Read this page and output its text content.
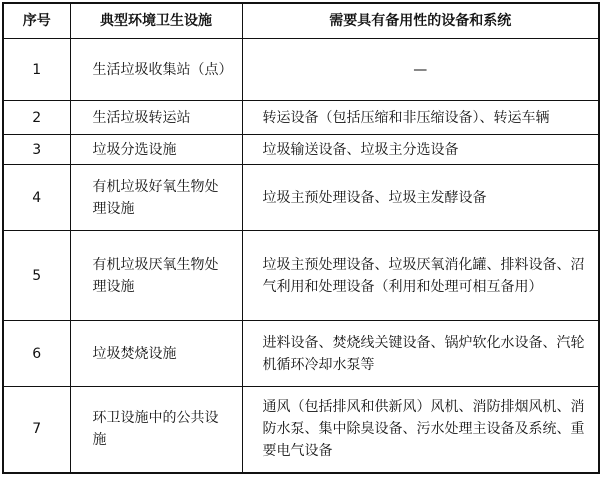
序号	典型环境卫生设施	需要具有备用性的设备和系统
1	生活垃圾收集站（点）	—
2	生活垃圾转运站	转运设备（包括压缩和非压缩设备）、转运车辆
3	垃圾分选设施	垃圾输送设备、垃圾主分选设备
4	有机垃圾好氧生物处理设施	垃圾主预处理设备、垃圾主发酵设备
5	有机垃圾厌氧生物处理设施	垃圾主预处理设备、垃圾厌氧消化罐、排料设备、沼气利用和处理设备（利用和处理可相互备用）
6	垃圾焚烧设施	进料设备、焚烧线关键设备、锅炉软化水设备、汽轮机循环冷却水泵等
7	环卫设施中的公共设施	通风（包括排风和供新风）风机、消防排烟风机、消防水泵、集中除臭设备、污水处理主设备及系统、重要电气设备
